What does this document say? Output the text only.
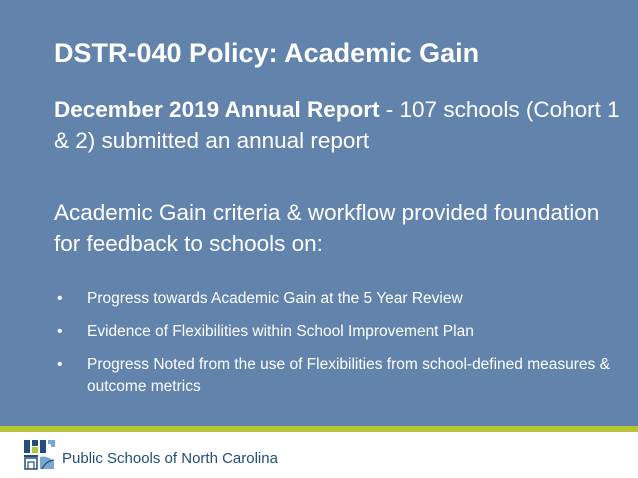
DSTR-040 Policy: Academic Gain
December 2019 Annual Report - 107 schools (Cohort 1 & 2) submitted an annual report
Academic Gain criteria & workflow provided foundation for feedback to schools on:
• Progress towards Academic Gain at the 5 Year Review
• Evidence of Flexibilities within School Improvement Plan
• Progress Noted from the use of Flexibilities from school-defined measures & outcome metrics
Public Schools of North Carolina
